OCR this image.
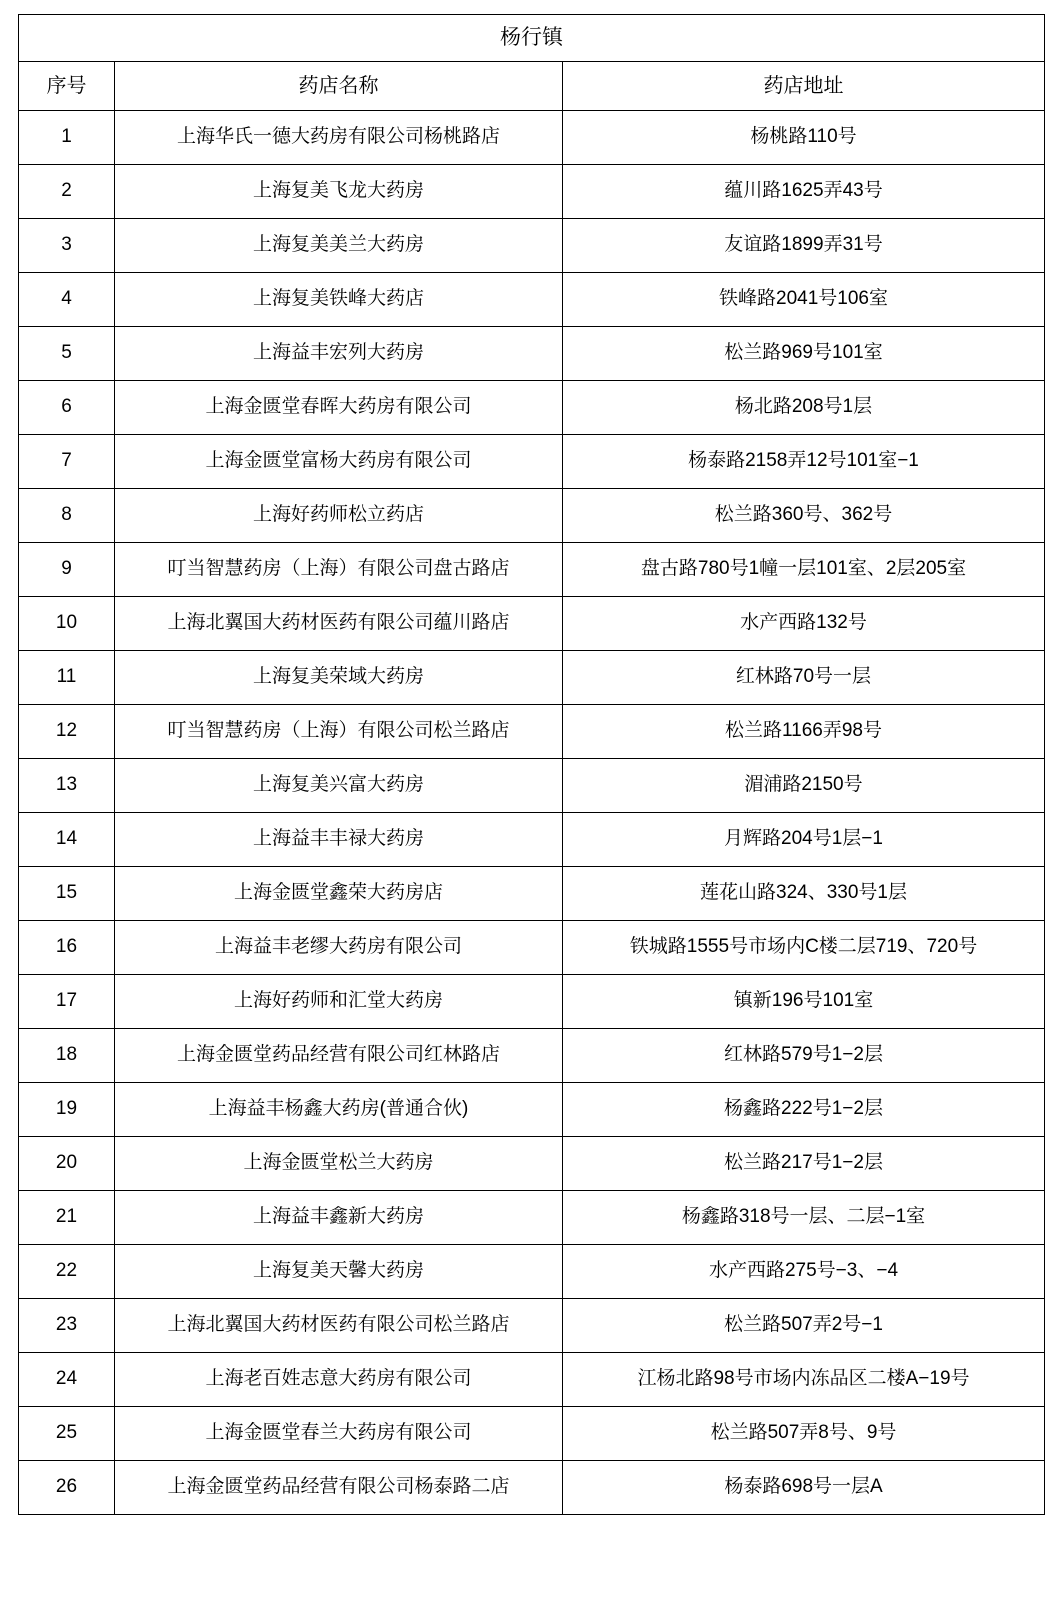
杨行镇		
序号	药店名称	药店地址
1	上海华氏一德大药房有限公司杨桃路店	杨桃路110号
2	上海复美飞龙大药房	蕴川路1625弄43号
3	上海复美美兰大药房	友谊路1899弄31号
4	上海复美铁峰大药店	铁峰路2041号106室
5	上海益丰宏列大药房	松兰路969号101室
6	上海金匮堂春晖大药房有限公司	杨北路208号1层
7	上海金匮堂富杨大药房有限公司	杨泰路2158弄12号101室−1
8	上海好药师松立药店	松兰路360号、362号
9	叮当智慧药房（上海）有限公司盘古路店	盘古路780号1幢一层101室、2层205室
10	上海北翼国大药材医药有限公司蕴川路店	水产西路132号
11	上海复美荣域大药房	红林路70号一层
12	叮当智慧药房（上海）有限公司松兰路店	松兰路1166弄98号
13	上海复美兴富大药房	湄浦路2150号
14	上海益丰丰禄大药房	月辉路204号1层−1
15	上海金匮堂鑫荣大药房店	莲花山路324、330号1层
16	上海益丰老缪大药房有限公司	铁城路1555号市场内C楼二层719、720号
17	上海好药师和汇堂大药房	镇新196号101室
18	上海金匮堂药品经营有限公司红林路店	红林路579号1−2层
19	上海益丰杨鑫大药房(普通合伙)	杨鑫路222号1−2层
20	上海金匮堂松兰大药房	松兰路217号1−2层
21	上海益丰鑫新大药房	杨鑫路318号一层、二层−1室
22	上海复美天馨大药房	水产西路275号−3、−4
23	上海北翼国大药材医药有限公司松兰路店	松兰路507弄2号−1
24	上海老百姓志意大药房有限公司	江杨北路98号市场内冻品区二楼A−19号
25	上海金匮堂春兰大药房有限公司	松兰路507弄8号、9号
26	上海金匮堂药品经营有限公司杨泰路二店	杨泰路698号一层A
